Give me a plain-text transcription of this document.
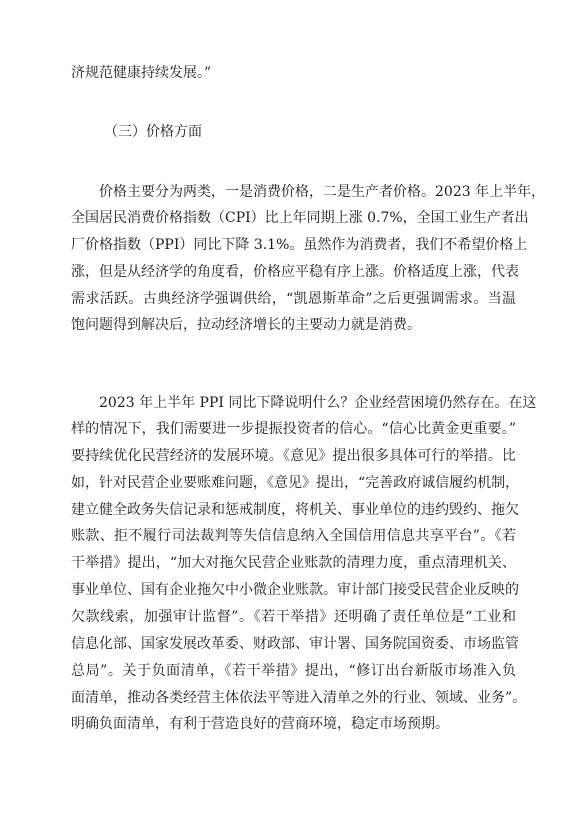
济规范健康持续发展。”
（三）价格方面
价格主要分为两类，一是消费价格，二是生产者价格。2023 年上半年，
全国居民消费价格指数（CPI）比上年同期上涨 0.7%，全国工业生产者出
厂价格指数（PPI）同比下降 3.1%。虽然作为消费者，我们不希望价格上
涨，但是从经济学的角度看，价格应平稳有序上涨。价格适度上涨，代表
需求活跃。古典经济学强调供给，“凯恩斯革命”之后更强调需求。当温
饱问题得到解决后，拉动经济增长的主要动力就是消费。
2023 年上半年 PPI 同比下降说明什么？企业经营困境仍然存在。在这
样的情况下，我们需要进一步提振投资者的信心。“信心比黄金更重要。”
要持续优化民营经济的发展环境。《意见》提出很多具体可行的举措。比
如，针对民营企业要账难问题，《意见》提出，“完善政府诚信履约机制，
建立健全政务失信记录和惩戒制度，将机关、事业单位的违约毁约、拖欠
账款、拒不履行司法裁判等失信信息纳入全国信用信息共享平台”。《若
干举措》提出，“加大对拖欠民营企业账款的清理力度，重点清理机关、
事业单位、国有企业拖欠中小微企业账款。审计部门接受民营企业反映的
欠款线索，加强审计监督”。《若干举措》还明确了责任单位是“工业和
信息化部、国家发展改革委、财政部、审计署、国务院国资委、市场监管
总局”。关于负面清单，《若干举措》提出，“修订出台新版市场准入负
面清单，推动各类经营主体依法平等进入清单之外的行业、领域、业务”。
明确负面清单，有利于营造良好的营商环境，稳定市场预期。
